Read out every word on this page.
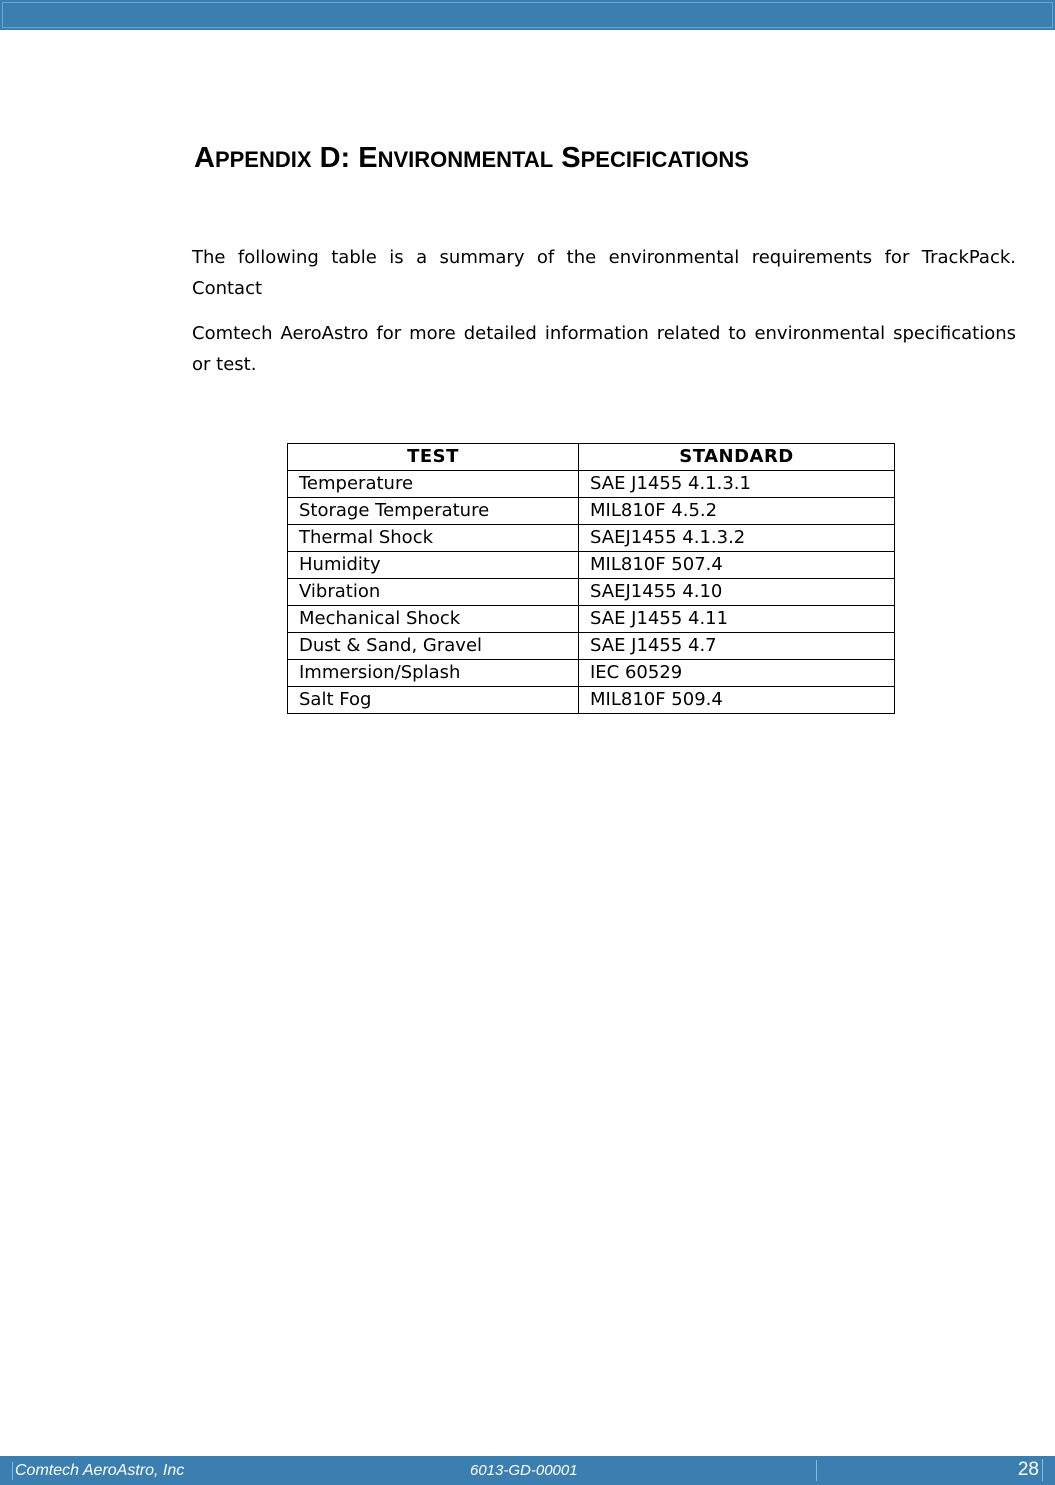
APPENDIX D: ENVIRONMENTAL SPECIFICATIONS

The following table is a summary of the environmental requirements for TrackPack. Contact

Comtech AeroAstro for more detailed information related to environmental specifications or test.

TEST	STANDARD
Temperature	SAE J1455 4.1.3.1
Storage Temperature	MIL810F 4.5.2
Thermal Shock	SAEJ1455 4.1.3.2
Humidity	MIL810F 507.4
Vibration	SAEJ1455 4.10
Mechanical Shock	SAE J1455 4.11
Dust & Sand, Gravel	SAE J1455 4.7
Immersion/Splash	IEC 60529
Salt Fog	MIL810F 509.4
Comtech AeroAstro, Inc	6013-GD-00001	28
